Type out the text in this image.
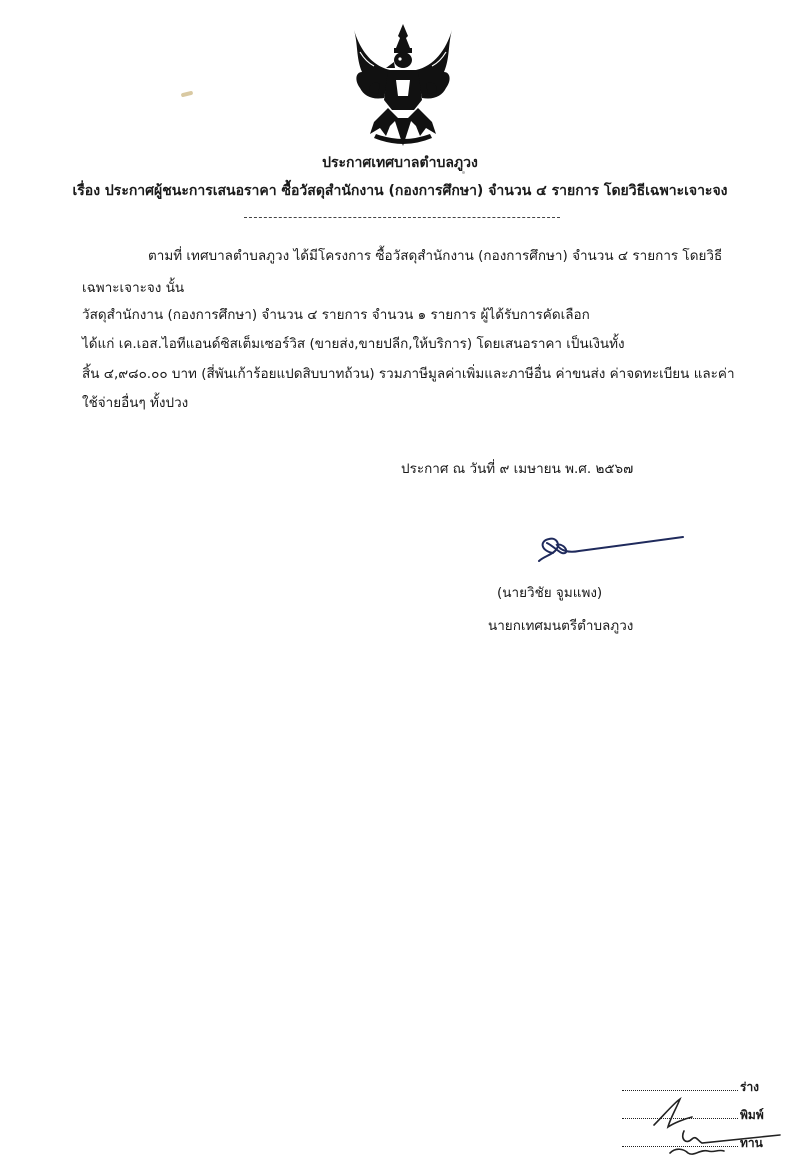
ประกาศเทศบาลตำบลภูวง
เรื่อง ประกาศผู้ชนะการเสนอราคา ซื้อวัสดุสำนักงาน (กองการศึกษา) จำนวน ๔ รายการ โดยวิธีเฉพาะเจาะจง
ตามที่ เทศบาลตำบลภูวง ได้มีโครงการ ซื้อวัสดุสำนักงาน (กองการศึกษา) จำนวน ๔ รายการ โดยวิธี
เฉพาะเจาะจง นั้น
วัสดุสำนักงาน (กองการศึกษา) จำนวน ๔ รายการ จำนวน ๑ รายการ ผู้ได้รับการคัดเลือก
ได้แก่ เค.เอส.ไอทีแอนด์ซิสเต็มเซอร์วิส (ขายส่ง,ขายปลีก,ให้บริการ) โดยเสนอราคา เป็นเงินทั้ง
สิ้น ๔,๙๘๐.๐๐ บาท (สี่พันเก้าร้อยแปดสิบบาทถ้วน) รวมภาษีมูลค่าเพิ่มและภาษีอื่น ค่าขนส่ง ค่าจดทะเบียน และค่า
ใช้จ่ายอื่นๆ ทั้งปวง
ประกาศ ณ วันที่ ๙ เมษายน พ.ศ. ๒๕๖๗
(นายวิชัย จูมแพง)
นายกเทศมนตรีตำบลภูวง
ร่าง
พิมพ์
ทาน
